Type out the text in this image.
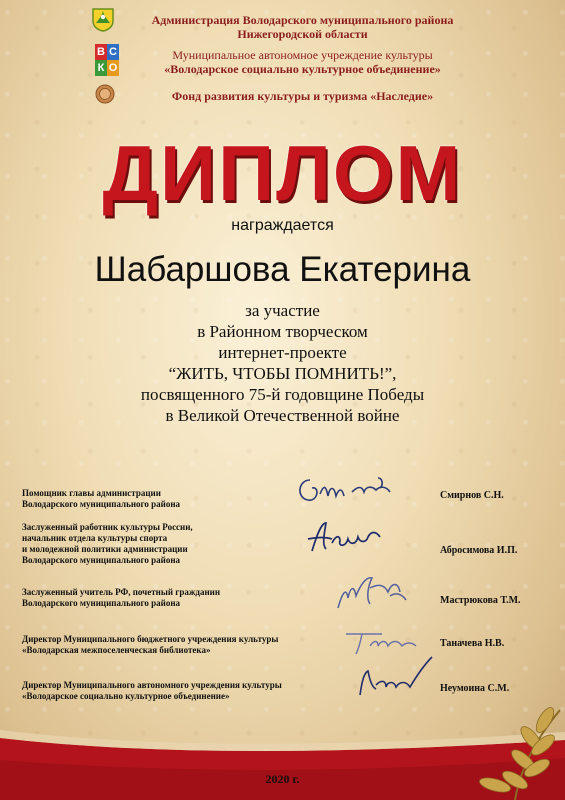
В С
К О
Администрация Володарского муниципального района
Нижегородской области
Муниципальное автономное учреждение культуры
«Володарское социально культурное объединение»
Фонд развития культуры и туризма «Наследие»
ДИПЛОМ
награждается
Шабаршова Екатерина
за участие
в Районном творческом
интернет-проекте
“ЖИТЬ, ЧТОБЫ ПОМНИТЬ!”,
посвященного 75-й годовщине Победы
в Великой Отечественной войне
Помощник главы администрации
Володарского муниципального района
Смирнов С.Н.
Заслуженный работник культуры России,
начальник отдела культуры спорта
и молодежной политики администрации
Володарского муниципального района
Абросимова И.П.
Заслуженный учитель РФ, почетный гражданин
Володарского муниципального района	Мастрюкова Т.М.
Директор Муниципального бюджетного учреждения культуры
«Володарская межпоселенческая библиотека»
Таначева Н.В.
Директор Муниципального автономного учреждения культуры
«Володарское социально культурное объединение»
Неумоина С.М.
2020 г.
